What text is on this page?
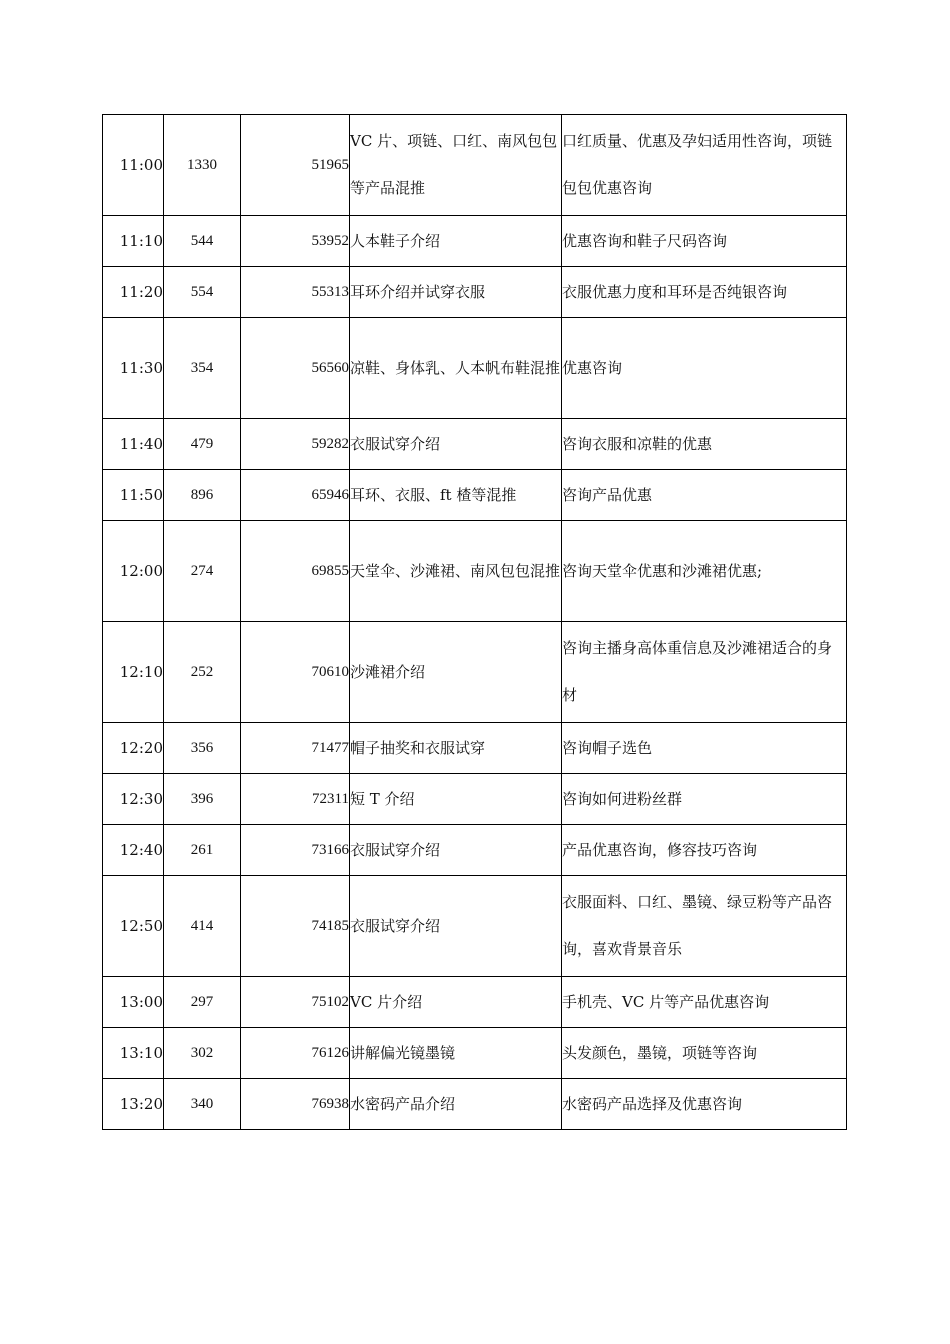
11:00	1330	51965	VC 片、项链、口红、南风包包等产品混推	口红质量、优惠及孕妇适用性咨询，项链包包优惠咨询
11:10	544	53952	人本鞋子介绍	优惠咨询和鞋子尺码咨询
11:20	554	55313	耳环介绍并试穿衣服	衣服优惠力度和耳环是否纯银咨询
11:30	354	56560	凉鞋、身体乳、人本帆布鞋混推	优惠咨询
11:40	479	59282	衣服试穿介绍	咨询衣服和凉鞋的优惠
11:50	896	65946	耳环、衣服、ft 楂等混推	咨询产品优惠
12:00	274	69855	天堂伞、沙滩裙、南风包包混推	咨询天堂伞优惠和沙滩裙优惠;
12:10	252	70610	沙滩裙介绍	咨询主播身高体重信息及沙滩裙适合的身材
12:20	356	71477	帽子抽奖和衣服试穿	咨询帽子选色
12:30	396	72311	短 T 介绍	咨询如何进粉丝群
12:40	261	73166	衣服试穿介绍	产品优惠咨询，修容技巧咨询
12:50	414	74185	衣服试穿介绍	衣服面料、口红、墨镜、绿豆粉等产品咨询，喜欢背景音乐
13:00	297	75102	VC 片介绍	手机壳、VC 片等产品优惠咨询
13:10	302	76126	讲解偏光镜墨镜	头发颜色，墨镜，项链等咨询
13:20	340	76938	水密码产品介绍	水密码产品选择及优惠咨询
